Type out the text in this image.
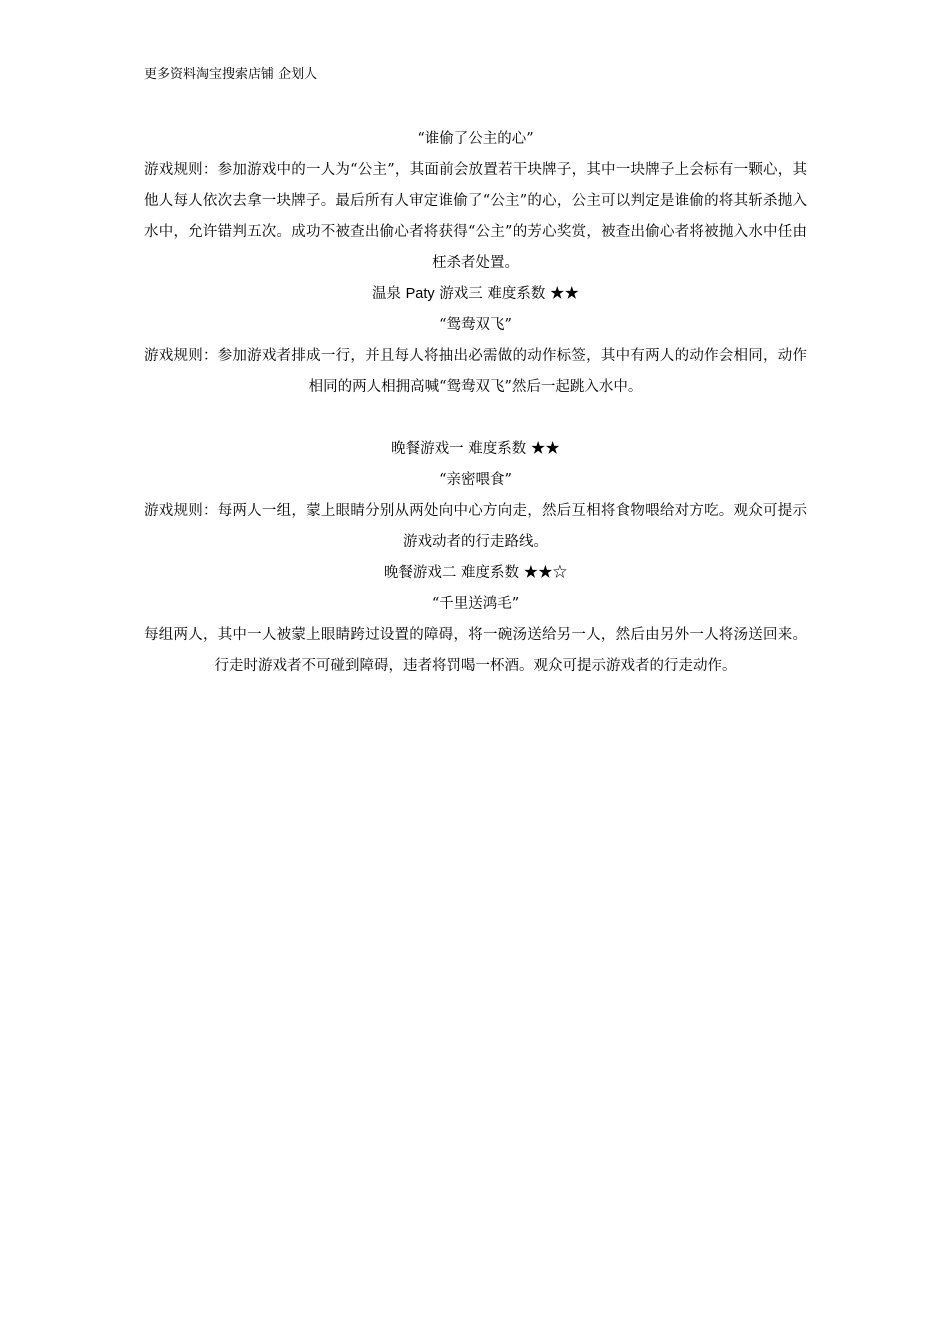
更多资料淘宝搜索店铺 企划人
“谁偷了公主的心”

游戏规则：参加游戏中的一人为“公主”，其面前会放置若干块牌子，其中一块牌子上会标有一颗心，其他人每人依次去拿一块牌子。最后所有人审定谁偷了“公主”的心，公主可以判定是谁偷的将其斩杀抛入水中，允许错判五次。成功不被查出偷心者将获得“公主”的芳心奖赏，被查出偷心者将被抛入水中任由枉杀者处置。

温泉 Paty 游戏三 难度系数 ★★
“鸳鸯双飞”

游戏规则：参加游戏者排成一行，并且每人将抽出必需做的动作标签，其中有两人的动作会相同，动作相同的两人相拥高喊“鸳鸯双飞”然后一起跳入水中。

晚餐游戏一 难度系数 ★★
“亲密喂食”

游戏规则：每两人一组，蒙上眼睛分别从两处向中心方向走，然后互相将食物喂给对方吃。观众可提示游戏动者的行走路线。

晚餐游戏二 难度系数 ★★☆
“千里送鸿毛”

每组两人，其中一人被蒙上眼睛跨过设置的障碍，将一碗汤送给另一人，然后由另外一人将汤送回来。行走时游戏者不可碰到障碍，违者将罚喝一杯酒。观众可提示游戏者的行走动作。
